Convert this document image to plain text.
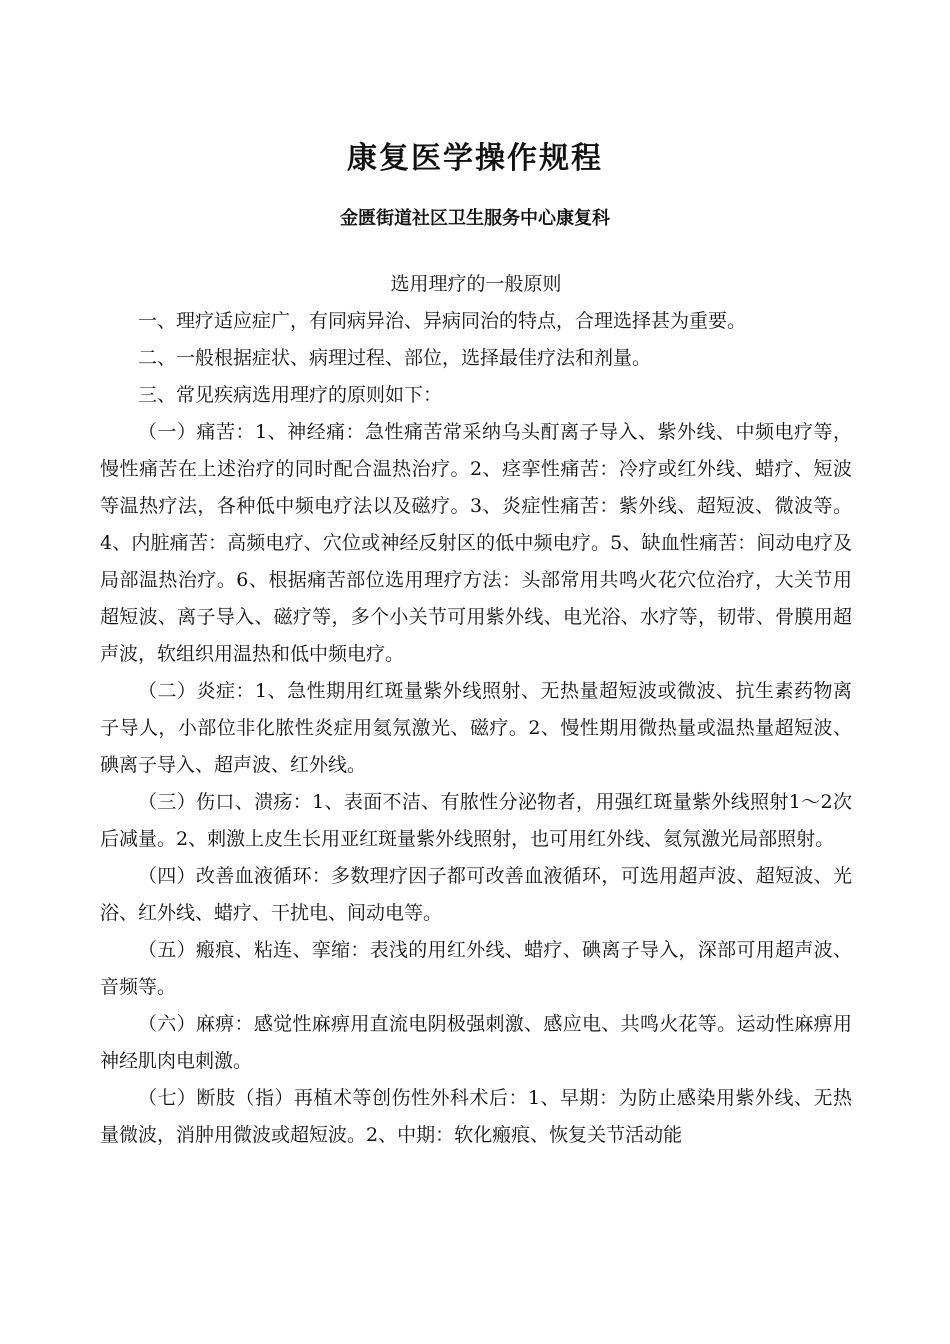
康复医学操作规程
金匮街道社区卫生服务中心康复科

选用理疗的一般原则

一、理疗适应症广，有同病异治、异病同治的特点，合理选择甚为重要。

二、一般根据症状、病理过程、部位，选择最佳疗法和剂量。

三、常见疾病选用理疗的原则如下：

（一）痛苦：1、神经痛：急性痛苦常采纳乌头酊离子导入、紫外线、中频电疗等，慢性痛苦在上述治疗的同时配合温热治疗。2、痉挛性痛苦：冷疗或红外线、蜡疗、短波等温热疗法，各种低中频电疗法以及磁疗。3、炎症性痛苦：紫外线、超短波、微波等。4、内脏痛苦：高频电疗、穴位或神经反射区的低中频电疗。5、缺血性痛苦：间动电疗及局部温热治疗。6、根据痛苦部位选用理疗方法：头部常用共鸣火花穴位治疗，大关节用超短波、离子导入、磁疗等，多个小关节可用紫外线、电光浴、水疗等，韧带、骨膜用超声波，软组织用温热和低中频电疗。

（二）炎症：1、急性期用红斑量紫外线照射、无热量超短波或微波、抗生素药物离子导人，小部位非化脓性炎症用氦氖激光、磁疗。2、慢性期用微热量或温热量超短波、碘离子导入、超声波、红外线。

（三）伤口、溃疡：1、表面不洁、有脓性分泌物者，用强红斑量紫外线照射1～2次后减量。2、刺激上皮生长用亚红斑量紫外线照射，也可用红外线、氦氖激光局部照射。

（四）改善血液循环：多数理疗因子都可改善血液循环，可选用超声波、超短波、光浴、红外线、蜡疗、干扰电、间动电等。

（五）瘢痕、粘连、挛缩：表浅的用红外线、蜡疗、碘离子导入，深部可用超声波、音频等。

（六）麻痹：感觉性麻痹用直流电阴极强刺激、感应电、共鸣火花等。运动性麻痹用神经肌肉电刺激。

（七）断肢（指）再植术等创伤性外科术后：1、早期：为防止感染用紫外线、无热量微波，消肿用微波或超短波。2、中期：软化瘢痕、恢复关节活动能
